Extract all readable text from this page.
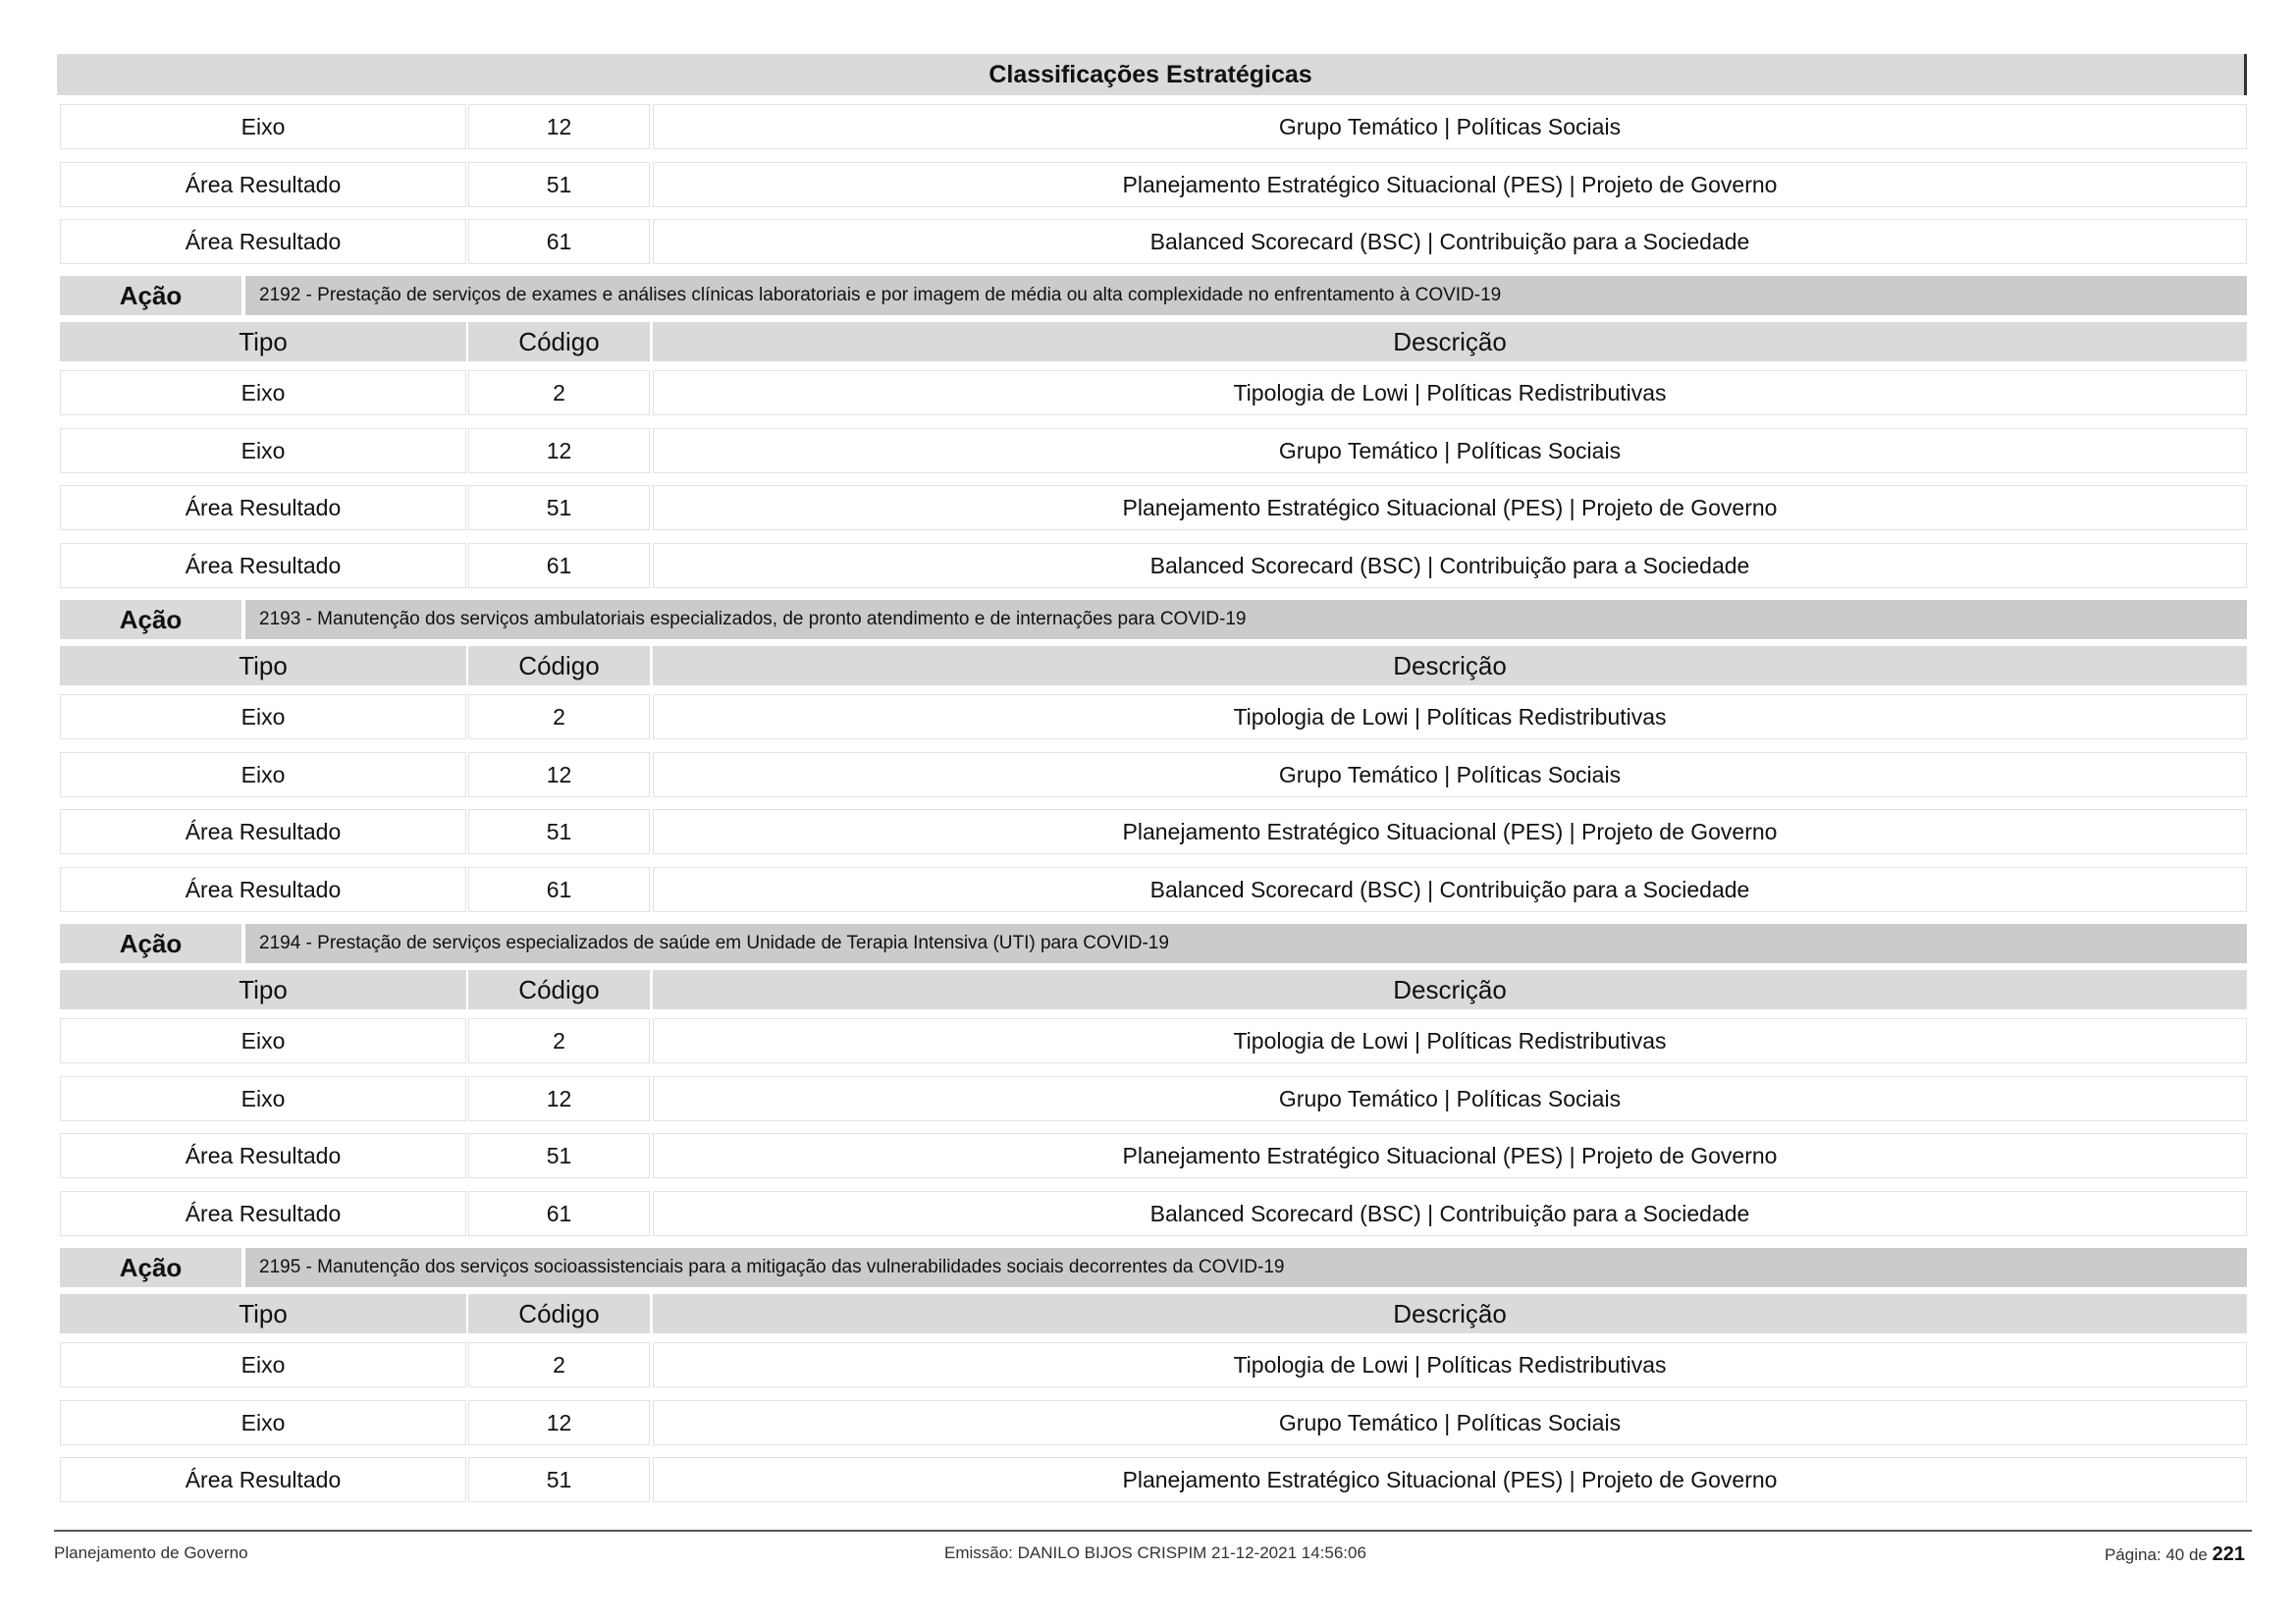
Classificações Estratégicas
Eixo	12	Grupo Temático | Políticas Sociais
Área Resultado	51	Planejamento Estratégico Situacional (PES) | Projeto de Governo
Área Resultado	61	Balanced Scorecard (BSC) | Contribuição para a Sociedade
Ação	2192 - Prestação de serviços de exames e análises clínicas laboratoriais e por imagem de média ou alta complexidade no enfrentamento à COVID-19
Tipo	Código	Descrição
Eixo	2	Tipologia de Lowi | Políticas Redistributivas
Eixo	12	Grupo Temático | Políticas Sociais
Área Resultado	51	Planejamento Estratégico Situacional (PES) | Projeto de Governo
Área Resultado	61	Balanced Scorecard (BSC) | Contribuição para a Sociedade
Ação	2193 - Manutenção dos serviços ambulatoriais especializados, de pronto atendimento e de internações para COVID-19
Tipo	Código	Descrição
Eixo	2	Tipologia de Lowi | Políticas Redistributivas
Eixo	12	Grupo Temático | Políticas Sociais
Área Resultado	51	Planejamento Estratégico Situacional (PES) | Projeto de Governo
Área Resultado	61	Balanced Scorecard (BSC) | Contribuição para a Sociedade
Ação	2194 - Prestação de serviços especializados de saúde em Unidade de Terapia Intensiva (UTI) para COVID-19
Tipo	Código	Descrição
Eixo	2	Tipologia de Lowi | Políticas Redistributivas
Eixo	12	Grupo Temático | Políticas Sociais
Área Resultado	51	Planejamento Estratégico Situacional (PES) | Projeto de Governo
Área Resultado	61	Balanced Scorecard (BSC) | Contribuição para a Sociedade
Ação	2195 - Manutenção dos serviços socioassistenciais para a mitigação das vulnerabilidades sociais decorrentes da COVID-19
Tipo	Código	Descrição
Eixo	2	Tipologia de Lowi | Políticas Redistributivas
Eixo	12	Grupo Temático | Políticas Sociais
Área Resultado	51	Planejamento Estratégico Situacional (PES) | Projeto de Governo
Planejamento de Governo	Emissão: DANILO BIJOS CRISPIM 21-12-2021 14:56:06	Página: 40 de 221
